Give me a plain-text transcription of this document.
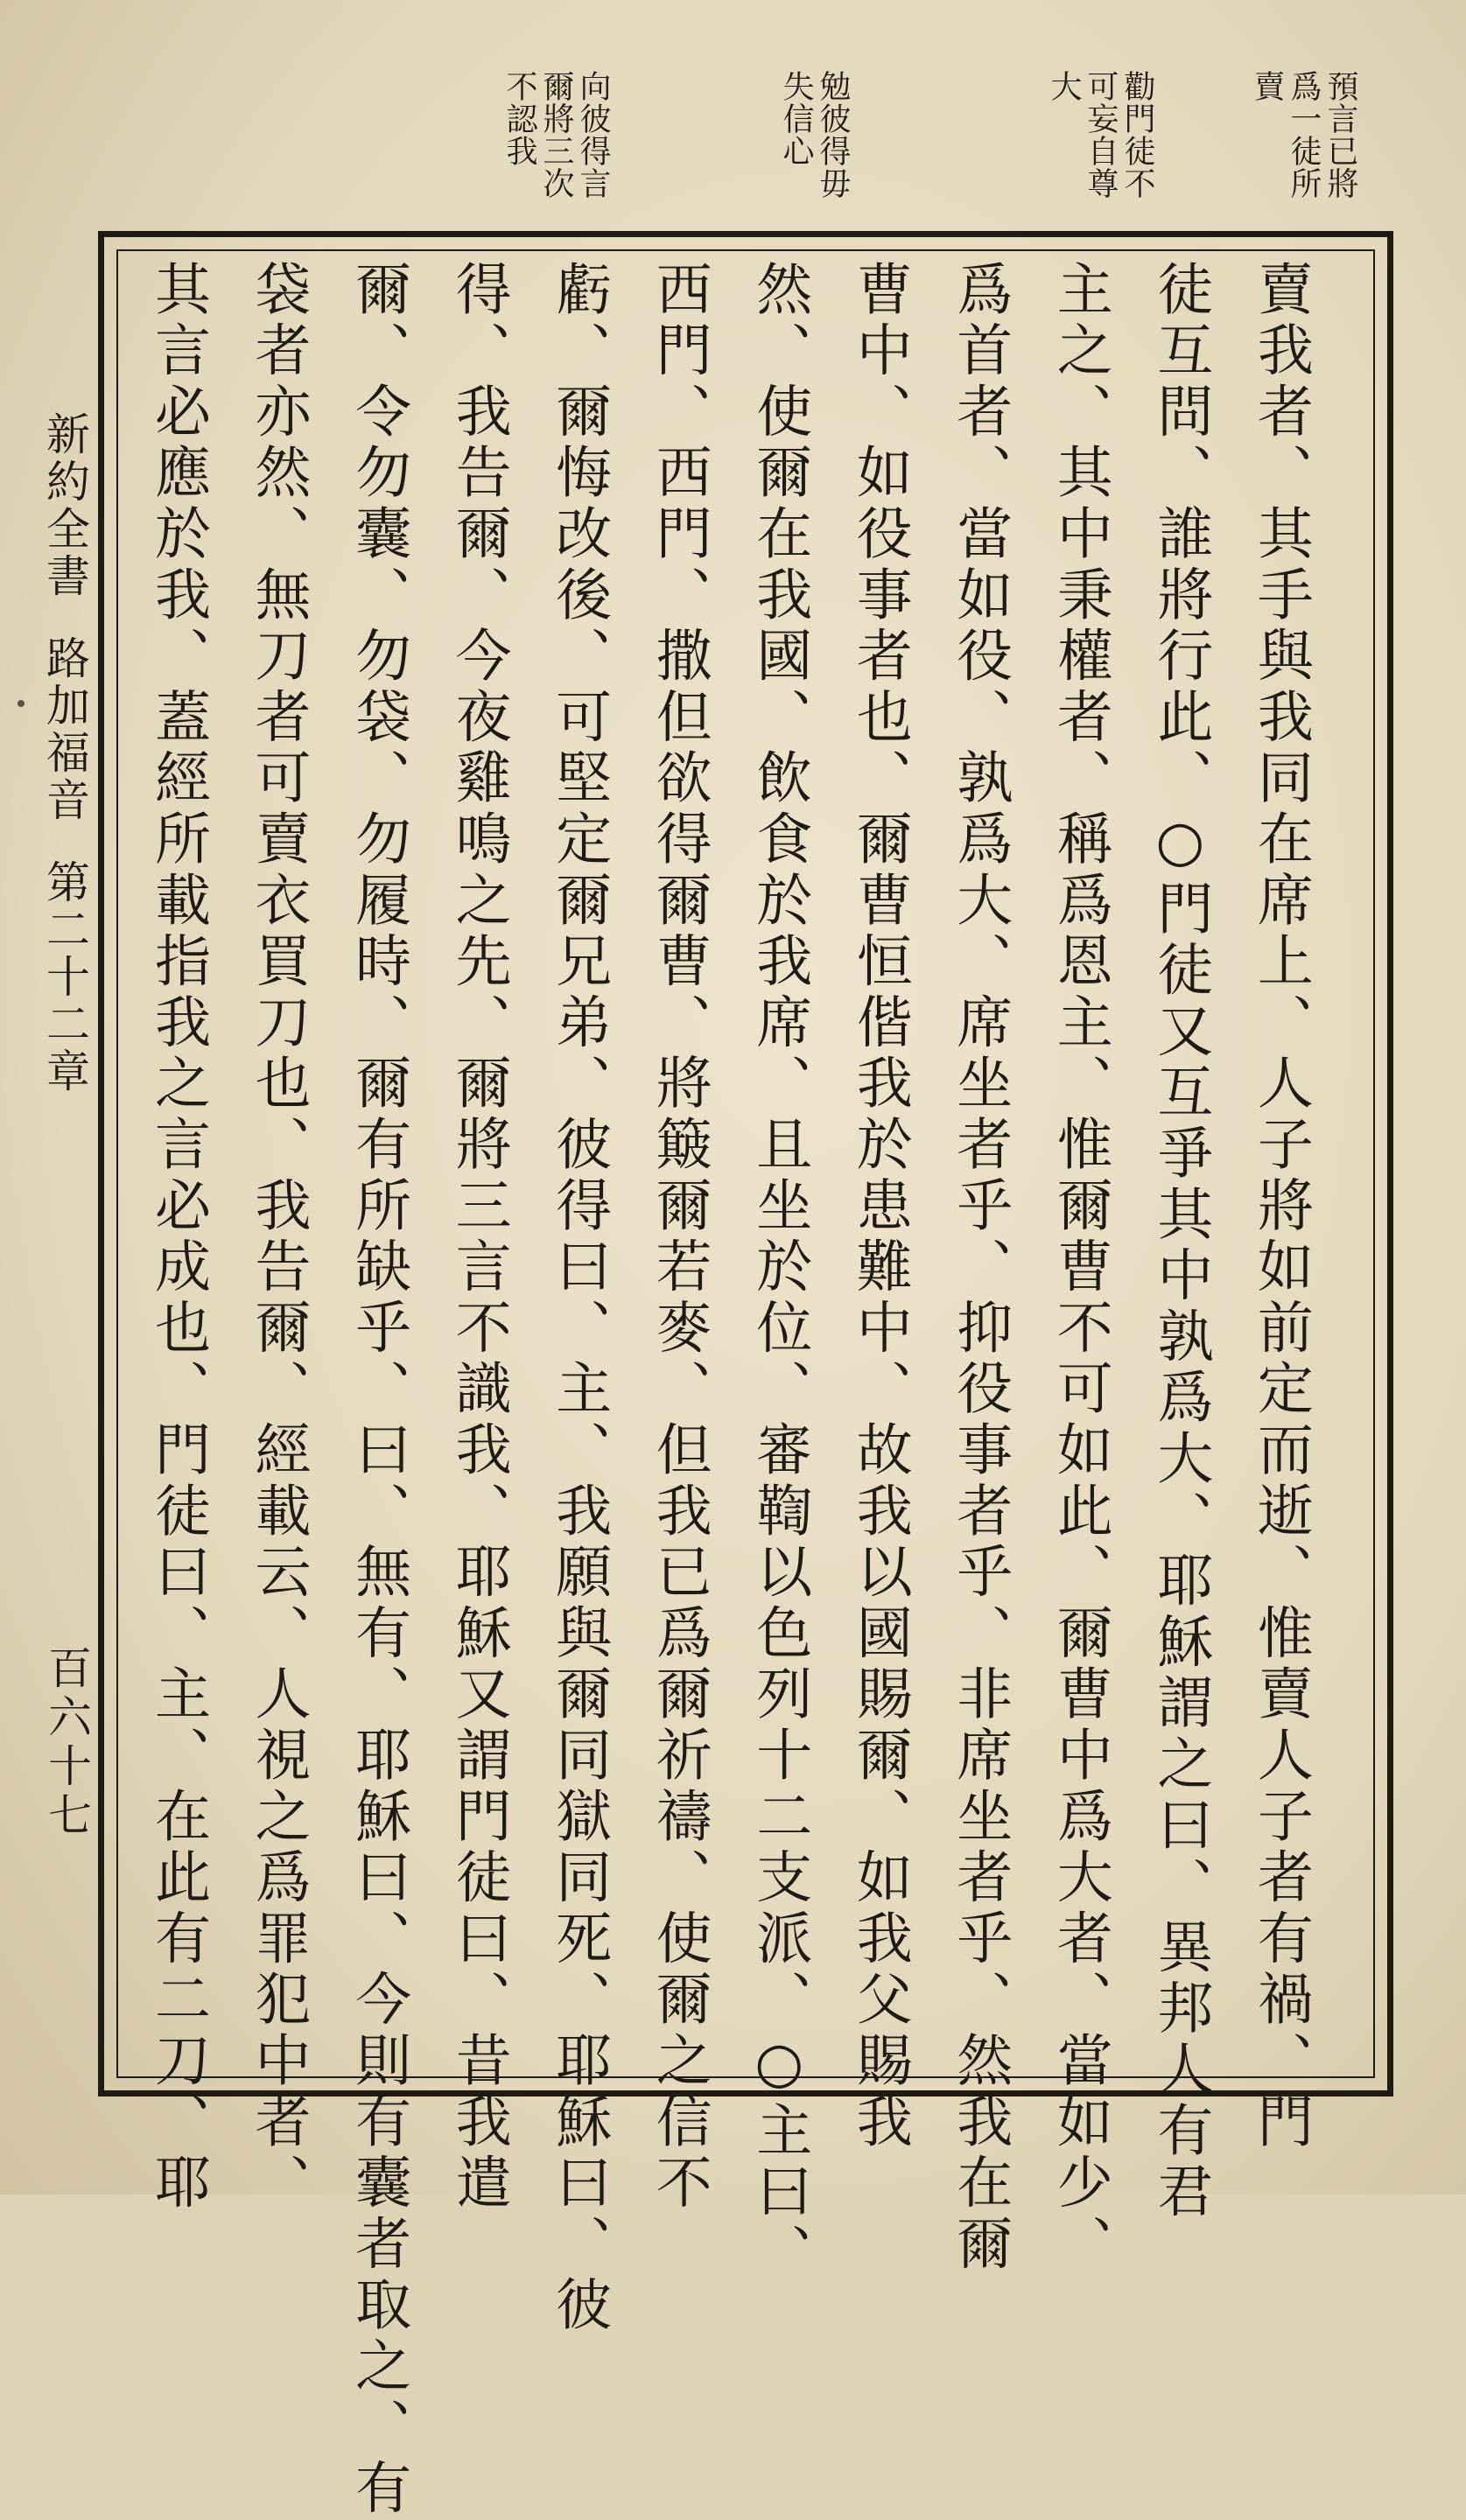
預言已將
爲一徒所
賣
勸門徒不
可妄自尊
大
勉彼得毋
失信心
向彼得言
爾將三次
不認我
新約全書路加福音第二十二章
百六十七	賣我者、其手與我同在席上、人子將如前定而逝、惟賣人子者有禍、門
徒互問、誰將行此、○門徒又互爭其中孰爲大、耶穌謂之曰、異邦人有君
主之、其中秉權者、稱爲恩主、惟爾曹不可如此、爾曹中爲大者、當如少、
爲首者、當如役、孰爲大、席坐者乎、抑役事者乎、非席坐者乎、然我在爾
曹中、如役事者也、爾曹恒偕我於患難中、故我以國賜爾、如我父賜我
然、使爾在我國、飲食於我席、且坐於位、審鞫以色列十二支派、○主曰、
西門、西門、撒但欲得爾曹、將簸爾若麥、但我已爲爾祈禱、使爾之信不
虧、爾悔改後、可堅定爾兄弟、彼得曰、主、我願與爾同獄同死、耶穌曰、彼
得、我告爾、今夜雞鳴之先、爾將三言不識我、耶穌又謂門徒曰、昔我遣
爾、令勿囊、勿袋、勿履時、爾有所缺乎、曰、無有、耶穌曰、今則有囊者取之、有
袋者亦然、無刀者可賣衣買刀也、我告爾、經載云、人視之爲罪犯中者、
其言必應於我、蓋經所載指我之言必成也、門徒曰、主、在此有二刀、耶
